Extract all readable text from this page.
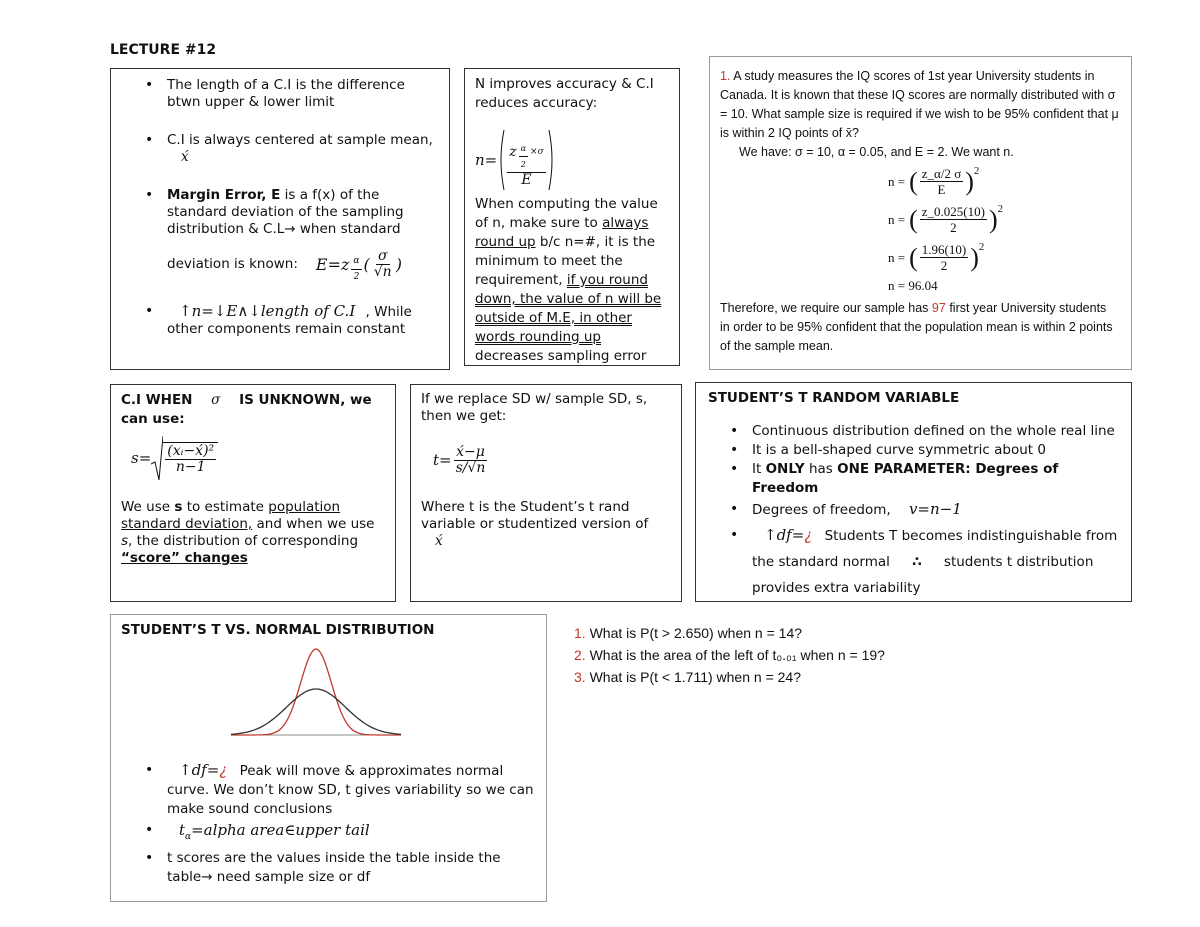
LECTURE #12
• The length of a C.I is the difference btwn upper & lower limit
• C.I is always centered at sample mean, x́
• Margin Error, E is a f(x) of the standard deviation of the sampling distribution & C.L→ when standard
deviation is known: $E=z \frac{\alpha}{2}$ ( $\frac{\sigma}{√n}$ )
• ↑n=↓E∧↓length of C.I , While other components remain constant
N improves accuracy & C.I reduces accuracy:
$n= \frac{z \frac{\alpha}{2} \times\sigma}{E}$
When computing the value of n, make sure to always round up b/c n=#, it is the minimum to meet the requirement, if you round down, the value of n will be outside of M.E, in other words rounding up decreases sampling error
1. A study measures the IQ scores of 1st year University students in Canada. It is known that these IQ scores are normally distributed with σ = 10. What sample size is required if we wish to be 95% confident that μ is within 2 IQ points of x̄?
We have: σ = 10, α = 0.05, and E = 2. We want n.
n = ( $\frac{z\_\alpha/2 \sigma}{E} )^2$
n = ( $\frac{z\_0.025(10)}{2} )^2$
n = ( $\frac{1.96(10)}{2} )^2$
n = 96.04
Therefore, we require our sample has 97 first year University students in order to be 95% confident that the population mean is within 2 points of the sample mean.
C.I WHEN σ IS UNKNOWN, we can use:
$s= \frac{\text{(xᵢ−x́)²}}{n-1}$
We use s to estimate population standard deviation, and when we use s, the distribution of corresponding “score” changes
If we replace SD w/ sample SD, s, then we get:
$t= \frac{x́-\mu}{s/√n}$
Where t is the Student’s t rand variable or studentized version of
x́
STUDENT’S T RANDOM VARIABLE
• Continuous distribution defined on the whole real line
• It is a bell-shaped curve symmetric about 0
• It ONLY has ONE PARAMETER: Degrees of Freedom
• Degrees of freedom, v=n−1
• ↑df=¿ Students T becomes indistinguishable from the standard normal ∴ students t distribution provides extra variability
STUDENT’S T VS. NORMAL DISTRIBUTION
• ↑df=¿ Peak will move & approximates normal curve. We don’t know SD, t gives variability so we can make sound conclusions
• $t_\alpha=alpha$ area∈upper tail
• t scores are the values inside the table inside the table→ need sample size or df
1. What is P(t > 2.650) when n = 14?
2. What is the area of the left of t₀.₀₁ when n = 19?
3. What is P(t < 1.711) when n = 24?
